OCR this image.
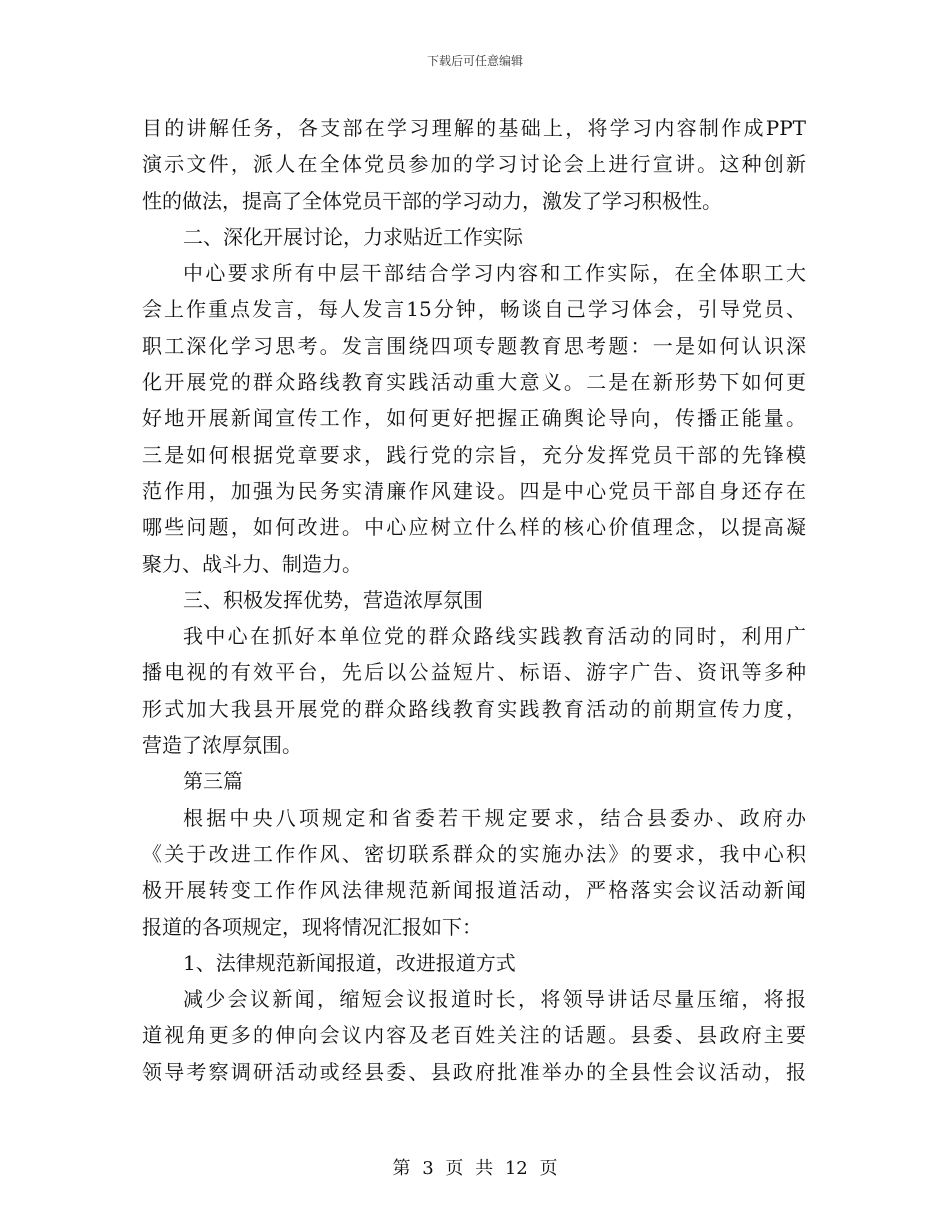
下载后可任意编辑
目的讲解任务，各支部在学习理解的基础上，将学习内容制作成PPT
演示文件，派人在全体党员参加的学习讨论会上进行宣讲。这种创新
性的做法，提高了全体党员干部的学习动力，激发了学习积极性。
二、深化开展讨论，力求贴近工作实际
中心要求所有中层干部结合学习内容和工作实际，在全体职工大
会上作重点发言，每人发言15分钟，畅谈自己学习体会，引导党员、
职工深化学习思考。发言围绕四项专题教育思考题：一是如何认识深
化开展党的群众路线教育实践活动重大意义。二是在新形势下如何更
好地开展新闻宣传工作，如何更好把握正确舆论导向，传播正能量。
三是如何根据党章要求，践行党的宗旨，充分发挥党员干部的先锋模
范作用，加强为民务实清廉作风建设。四是中心党员干部自身还存在
哪些问题，如何改进。中心应树立什么样的核心价值理念，以提高凝
聚力、战斗力、制造力。
三、积极发挥优势，营造浓厚氛围
我中心在抓好本单位党的群众路线实践教育活动的同时，利用广
播电视的有效平台，先后以公益短片、标语、游字广告、资讯等多种
形式加大我县开展党的群众路线教育实践教育活动的前期宣传力度，
营造了浓厚氛围。
第三篇
根据中央八项规定和省委若干规定要求，结合县委办、政府办
《关于改进工作作风、密切联系群众的实施办法》的要求，我中心积
极开展转变工作作风法律规范新闻报道活动，严格落实会议活动新闻
报道的各项规定，现将情况汇报如下：
1、法律规范新闻报道，改进报道方式
减少会议新闻，缩短会议报道时长，将领导讲话尽量压缩，将报
道视角更多的伸向会议内容及老百姓关注的话题。县委、县政府主要
领导考察调研活动或经县委、县政府批准举办的全县性会议活动，报
第 3 页 共 12 页
